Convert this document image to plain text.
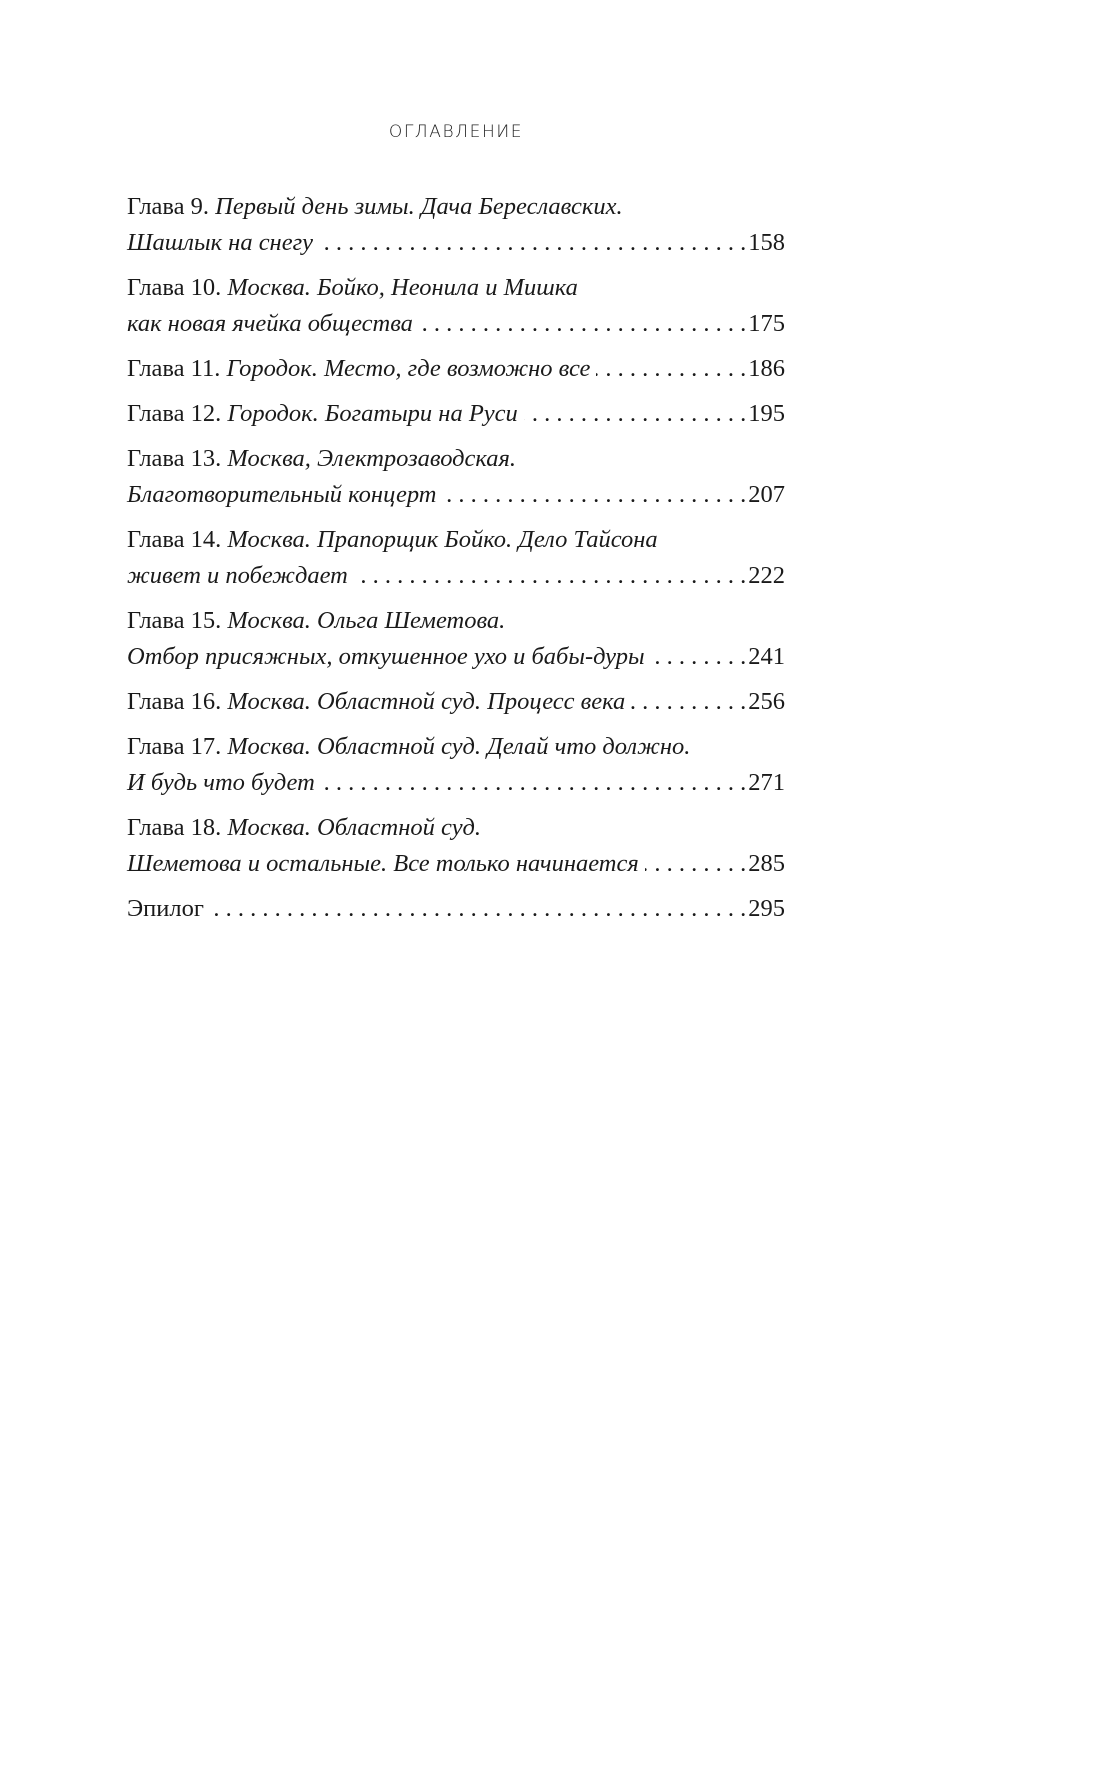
ОГЛАВЛЕНИЕ
Глава 9.
Первый день зимы. Дача Береславских.
Шашлык на снегу . . .	158
Глава 10.
Москва. Бойко, Неонила и Мишка
как новая ячейка общества . . .	175
Глава 11.
Городок. Место, где возможно все . . .	186
Глава 12.
Городок. Богатыри на Руси . . .	195
Глава 13.
Москва, Электрозаводская.
Благотворительный концерт . . .	207
Глава 14.
Москва. Прапорщик Бойко. Дело Тайсона
живет и побеждает . . .	222
Глава 15.
Москва. Ольга Шеметова.
Отбор присяжных, откушенное ухо и бабы-дуры . . .	241
Глава 16.
Москва. Областной суд. Процесс века . . .	256
Глава 17.
Москва. Областной суд. Делай что должно.
И будь что будет . . .	271
Глава 18.
Москва. Областной суд.
Шеметова и остальные. Все только начинается . . .	285
Эпилог . . .	295
